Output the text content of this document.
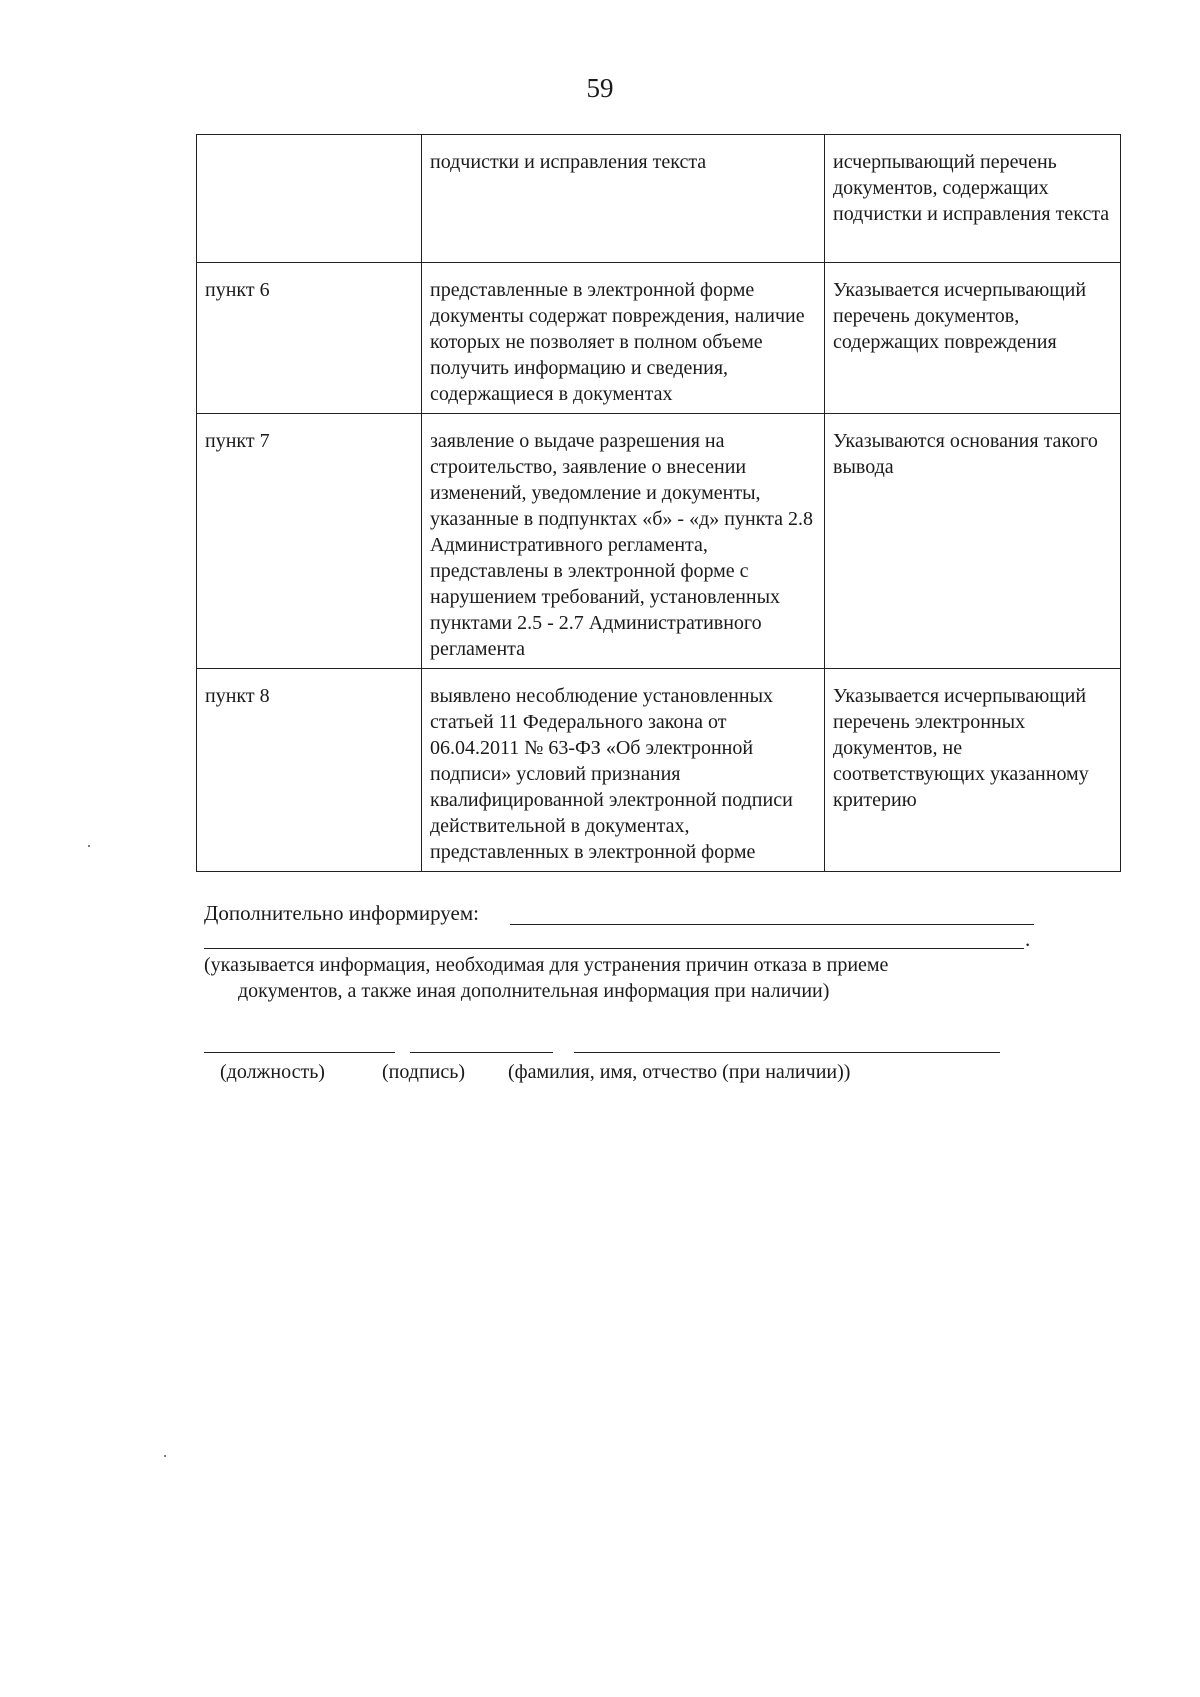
59
	подчистки и исправления текста	исчерпывающий перечень документов, содержащих подчистки и исправления текста
пункт 6	представленные в электронной форме документы содержат повреждения, наличие которых не позволяет в полном объеме получить информацию и сведения, содержащиеся в документах	Указывается исчерпывающий перечень документов, содержащих повреждения
пункт 7	заявление о выдаче разрешения на строительство, заявление о внесении изменений, уведомление и документы, указанные в подпунктах «б» - «д» пункта 2.8 Административного регламента, представлены в электронной форме с нарушением требований, установленных пунктами 2.5 - 2.7 Административного регламента	Указываются основания такого вывода
пункт 8	выявлено несоблюдение установленных статьей 11 Федерального закона от 06.04.2011 № 63-ФЗ «Об электронной подписи» условий признания квалифицированной электронной подписи действительной в документах, представленных в электронной форме	Указывается исчерпывающий перечень электронных документов, не соответствующих указанному критерию
Дополнительно информируем:
.
(указывается информация, необходимая для устранения причин отказа в приеме
документов, а также иная дополнительная информация при наличии)
(должность)	(подпись) (фамилия, имя, отчество (при наличии))
